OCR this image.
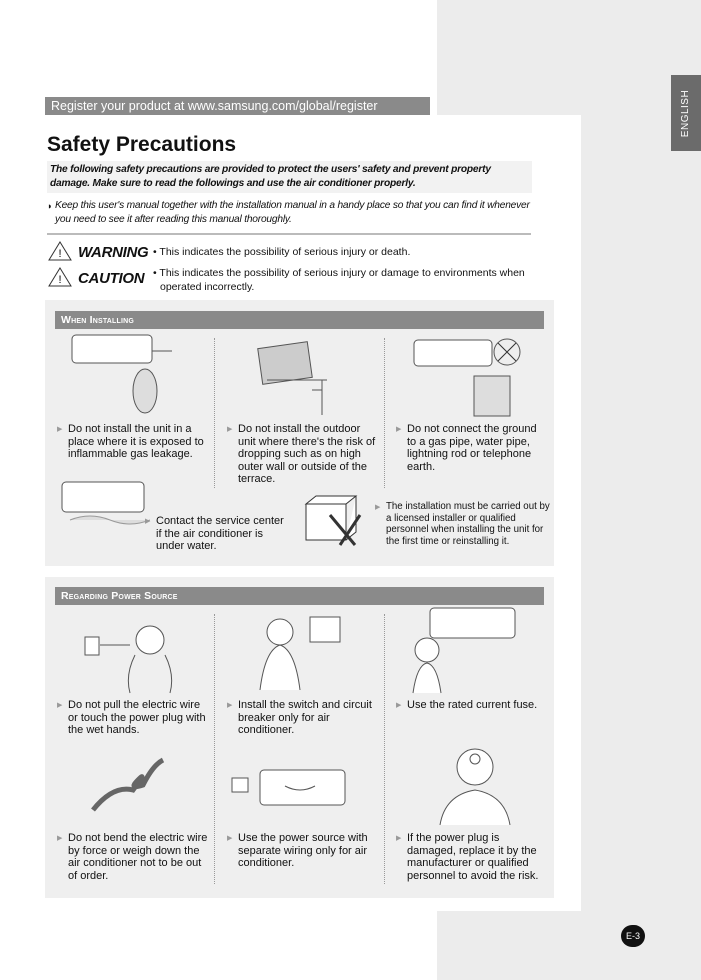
ENGLISH
Register your product at www.samsung.com/global/register
Safety Precautions
The following safety precautions are provided to protect the users' safety and prevent property damage. Make sure to read the followings and use the air conditioner properly.
◗ Keep this user's manual together with the installation manual in a handy place so that you can find it whenever you need to see it after reading this manual thoroughly.
! WARNING • This indicates the possibility of serious injury or death.
! CAUTION • This indicates the possibility of serious injury or damage to environments when operated incorrectly.
When Installing
▶ Do not install the unit in a place where it is exposed to inflammable gas leakage.
▶ Do not install the outdoor unit where there's the risk of dropping such as on high outer wall or outside of the terrace.
▶ Do not connect the ground to a gas pipe, water pipe, lightning rod or telephone earth.
▶ Contact the service center if the air conditioner is under water.
▶ The installation must be carried out by a licensed installer or qualified personnel when installing the unit for the first time or reinstalling it.
Regarding Power Source
▶ Do not pull the electric wire or touch the power plug with the wet hands.
▶ Install the switch and circuit breaker only for air conditioner.
▶ Use the rated current fuse.
▶ Do not bend the electric wire by force or weigh down the air conditioner not to be out of order.
▶ Use the power source with separate wiring only for air conditioner.
▶ If the power plug is damaged, replace it by the manufacturer or qualified personnel to avoid the risk.
E-3
